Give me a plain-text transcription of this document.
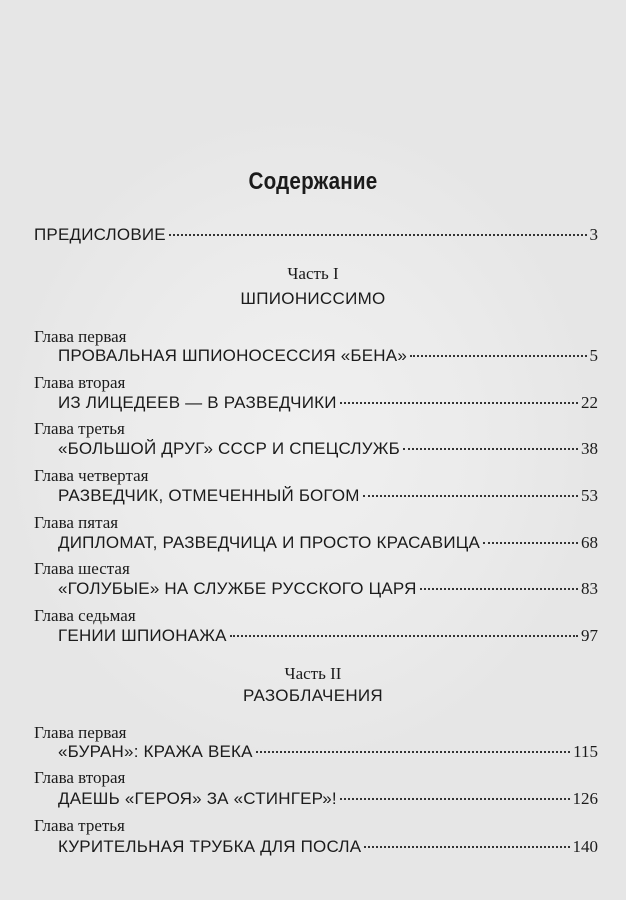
Содержание
ПРЕДИСЛОВИЕ	3
Часть I
ШПИОНИССИМО
Глава первая
ПРОВАЛЬНАЯ ШПИОНОСЕССИЯ «БЕНА»	5
Глава вторая
ИЗ ЛИЦЕДЕЕВ — В РАЗВЕДЧИКИ	22
Глава третья
«БОЛЬШОЙ ДРУГ» СССР И СПЕЦСЛУЖБ	38
Глава четвертая
РАЗВЕДЧИК, ОТМЕЧЕННЫЙ БОГОМ	53
Глава пятая
ДИПЛОМАТ, РАЗВЕДЧИЦА И ПРОСТО КРАСАВИЦА	68
Глава шестая
«ГОЛУБЫЕ» НА СЛУЖБЕ РУССКОГО ЦАРЯ	83
Глава седьмая
ГЕНИИ ШПИОНАЖА	97
Часть II
РАЗОБЛАЧЕНИЯ
Глава первая
«БУРАН»: КРАЖА ВЕКА	115
Глава вторая
ДАЕШЬ «ГЕРОЯ» ЗА «СТИНГЕР»!	126
Глава третья
КУРИТЕЛЬНАЯ ТРУБКА ДЛЯ ПОСЛА	140
